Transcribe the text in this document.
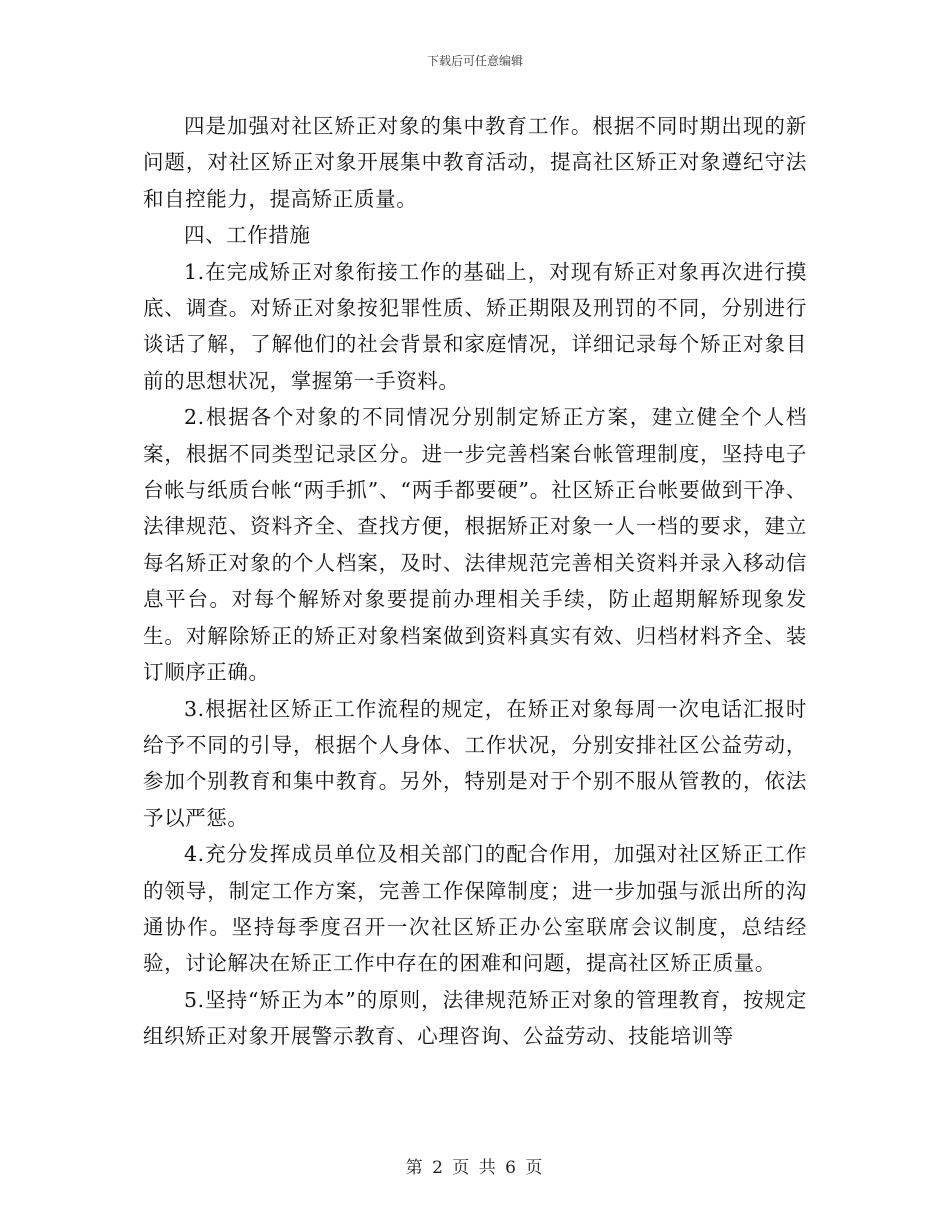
下载后可任意编辑

四是加强对社区矫正对象的集中教育工作。根据不同时期出现的新问题，对社区矫正对象开展集中教育活动，提高社区矫正对象遵纪守法和自控能力，提高矫正质量。

四、工作措施

1.在完成矫正对象衔接工作的基础上，对现有矫正对象再次进行摸底、调查。对矫正对象按犯罪性质、矫正期限及刑罚的不同，分别进行谈话了解，了解他们的社会背景和家庭情况，详细记录每个矫正对象目前的思想状况，掌握第一手资料。

2.根据各个对象的不同情况分别制定矫正方案，建立健全个人档案，根据不同类型记录区分。进一步完善档案台帐管理制度，坚持电子台帐与纸质台帐“两手抓”、“两手都要硬”。社区矫正台帐要做到干净、法律规范、资料齐全、查找方便，根据矫正对象一人一档的要求，建立每名矫正对象的个人档案，及时、法律规范完善相关资料并录入移动信息平台。对每个解矫对象要提前办理相关手续，防止超期解矫现象发生。对解除矫正的矫正对象档案做到资料真实有效、归档材料齐全、装订顺序正确。

3.根据社区矫正工作流程的规定，在矫正对象每周一次电话汇报时给予不同的引导，根据个人身体、工作状况，分别安排社区公益劳动，参加个别教育和集中教育。另外，特别是对于个别不服从管教的，依法予以严惩。

4.充分发挥成员单位及相关部门的配合作用，加强对社区矫正工作的领导，制定工作方案，完善工作保障制度；进一步加强与派出所的沟通协作。坚持每季度召开一次社区矫正办公室联席会议制度，总结经验，讨论解决在矫正工作中存在的困难和问题，提高社区矫正质量。

5.坚持“矫正为本”的原则，法律规范矫正对象的管理教育，按规定组织矫正对象开展警示教育、心理咨询、公益劳动、技能培训等

第 2 页 共 6 页
